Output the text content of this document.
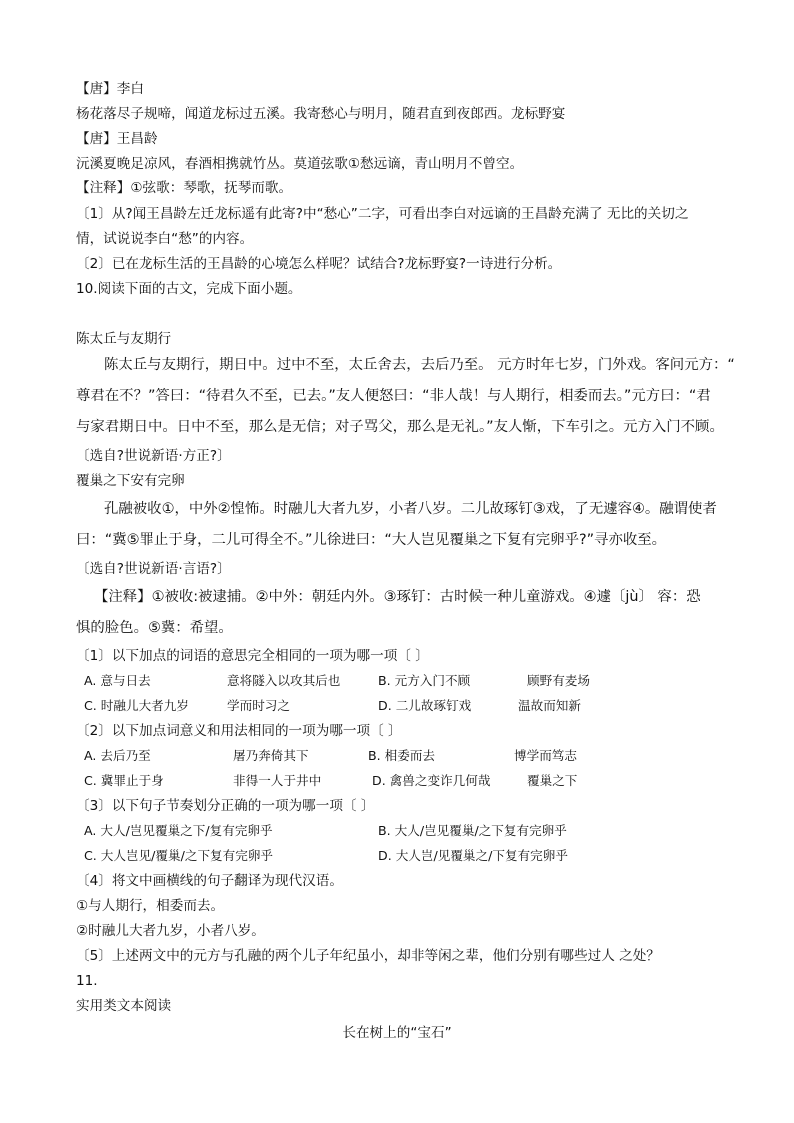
【唐】李白
杨花落尽子规啼，闻道龙标过五溪。我寄愁心与明月，随君直到夜郎西。龙标野宴
【唐】王昌龄
沅溪夏晚足凉风，春酒相携就竹丛。莫道弦歌①愁远谪，青山明月不曾空。
【注释】①弦歌：琴歌，抚琴而歌。
〔1〕从?闻王昌龄左迁龙标遥有此寄?中“愁心”二字，可看出李白对远谪的王昌龄充满了 无比的关切之
情，试说说李白“愁”的内容。
〔2〕已在龙标生活的王昌龄的心境怎么样呢？试结合?龙标野宴?一诗进行分析。
10.阅读下面的古文，完成下面小题。
陈太丘与友期行
陈太丘与友期行，期日中。过中不至，太丘舍去，去后乃至。 元方时年七岁，门外戏。客问元方：“
尊君在不？”答曰：“待君久不至，已去。”友人便怒曰：“非人哉！与人期行，相委而去。”元方曰：“君
与家君期日中。日中不至，那么是无信；对子骂父，那么是无礼。”友人惭，下车引之。元方入门不顾。
〔选自?世说新语·方正?〕
覆巢之下安有完卵
孔融被收①，中外②惶怖。时融儿大者九岁，小者八岁。二儿故琢钉③戏，了无遽容④。融谓使者
曰：“冀⑤罪止于身，二儿可得全不。”儿徐进曰：“大人岂见覆巢之下复有完卵乎?”寻亦收至。
〔选自?世说新语·言语?〕
【注释】①被收:被逮捕。②中外：朝廷内外。③琢钉：古时候一种儿童游戏。④遽〔jù〕 容：恐
惧的脸色。⑤冀：希望。
〔1〕以下加点的词语的意思完全相同的一项为哪一项〔 〕
A. 意与日去	意将隧入以攻其后也	B. 元方入门不顾	顾野有麦场
C. 时融儿大者九岁	学而时习之	D. 二儿故琢钉戏	温故而知新
〔2〕以下加点词意义和用法相同的一项为哪一项〔 〕
A. 去后乃至	屠乃奔倚其下	B. 相委而去	博学而笃志
C. 冀罪止于身	非得一人于井中	D. 禽兽之变诈几何哉	覆巢之下
〔3〕以下句子节奏划分正确的一项为哪一项〔 〕
A. 大人/岂见覆巢之下/复有完卵乎	B. 大人/岂见覆巢/之下复有完卵乎
C. 大人岂见/覆巢/之下复有完卵乎	D. 大人岂/见覆巢之/下复有完卵乎
〔4〕将文中画横线的句子翻译为现代汉语。
①与人期行，相委而去。
②时融儿大者九岁，小者八岁。
〔5〕上述两文中的元方与孔融的两个儿子年纪虽小，却非等闲之辈，他们分别有哪些过人 之处？
11.
实用类文本阅读
长在树上的“宝石”
